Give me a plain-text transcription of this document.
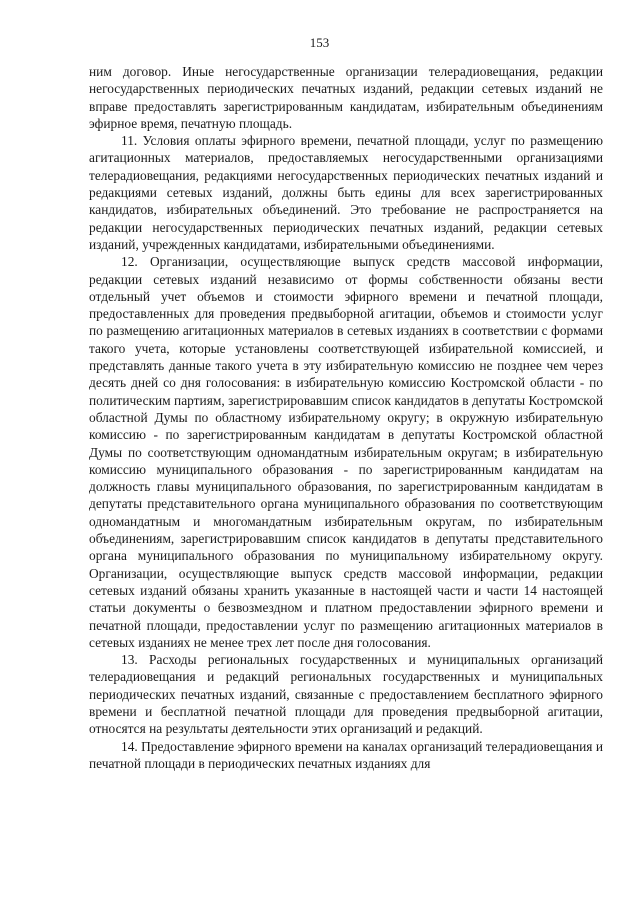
153

ним договор. Иные негосударственные организации телерадиовещания, редакции негосударственных периодических печатных изданий, редакции сетевых изданий не вправе предоставлять зарегистрированным кандидатам, избирательным объединениям эфирное время, печатную площадь.

11. Условия оплаты эфирного времени, печатной площади, услуг по размещению агитационных материалов, предоставляемых негосударственными организациями телерадиовещания, редакциями негосударственных периодических печатных изданий и редакциями сетевых изданий, должны быть едины для всех зарегистрированных кандидатов, избирательных объединений. Это требование не распространяется на редакции негосударственных периодических печатных изданий, редакции сетевых изданий, учрежденных кандидатами, избирательными объединениями.

12. Организации, осуществляющие выпуск средств массовой информации, редакции сетевых изданий независимо от формы собственности обязаны вести отдельный учет объемов и стоимости эфирного времени и печатной площади, предоставленных для проведения предвыборной агитации, объемов и стоимости услуг по размещению агитационных материалов в сетевых изданиях в соответствии с формами такого учета, которые установлены соответствующей избирательной комиссией, и представлять данные такого учета в эту избирательную комиссию не позднее чем через десять дней со дня голосования: в избирательную комиссию Костромской области - по политическим партиям, зарегистрировавшим список кандидатов в депутаты Костромской областной Думы по областному избирательному округу; в окружную избирательную комиссию - по зарегистрированным кандидатам в депутаты Костромской областной Думы по соответствующим одномандатным избирательным округам; в избирательную комиссию муниципального образования - по зарегистрированным кандидатам на должность главы муниципального образования, по зарегистрированным кандидатам в депутаты представительного органа муниципального образования по соответствующим одномандатным и многомандатным избирательным округам, по избирательным объединениям, зарегистрировавшим список кандидатов в депутаты представительного органа муниципального образования по муниципальному избирательному округу. Организации, осуществляющие выпуск средств массовой информации, редакции сетевых изданий обязаны хранить указанные в настоящей части и части 14 настоящей статьи документы о безвозмездном и платном предоставлении эфирного времени и печатной площади, предоставлении услуг по размещению агитационных материалов в сетевых изданиях не менее трех лет после дня голосования.

13. Расходы региональных государственных и муниципальных организаций телерадиовещания и редакций региональных государственных и муниципальных периодических печатных изданий, связанные с предоставлением бесплатного эфирного времени и бесплатной печатной площади для проведения предвыборной агитации, относятся на результаты деятельности этих организаций и редакций.

14. Предоставление эфирного времени на каналах организаций телерадиовещания и печатной площади в периодических печатных изданиях для
